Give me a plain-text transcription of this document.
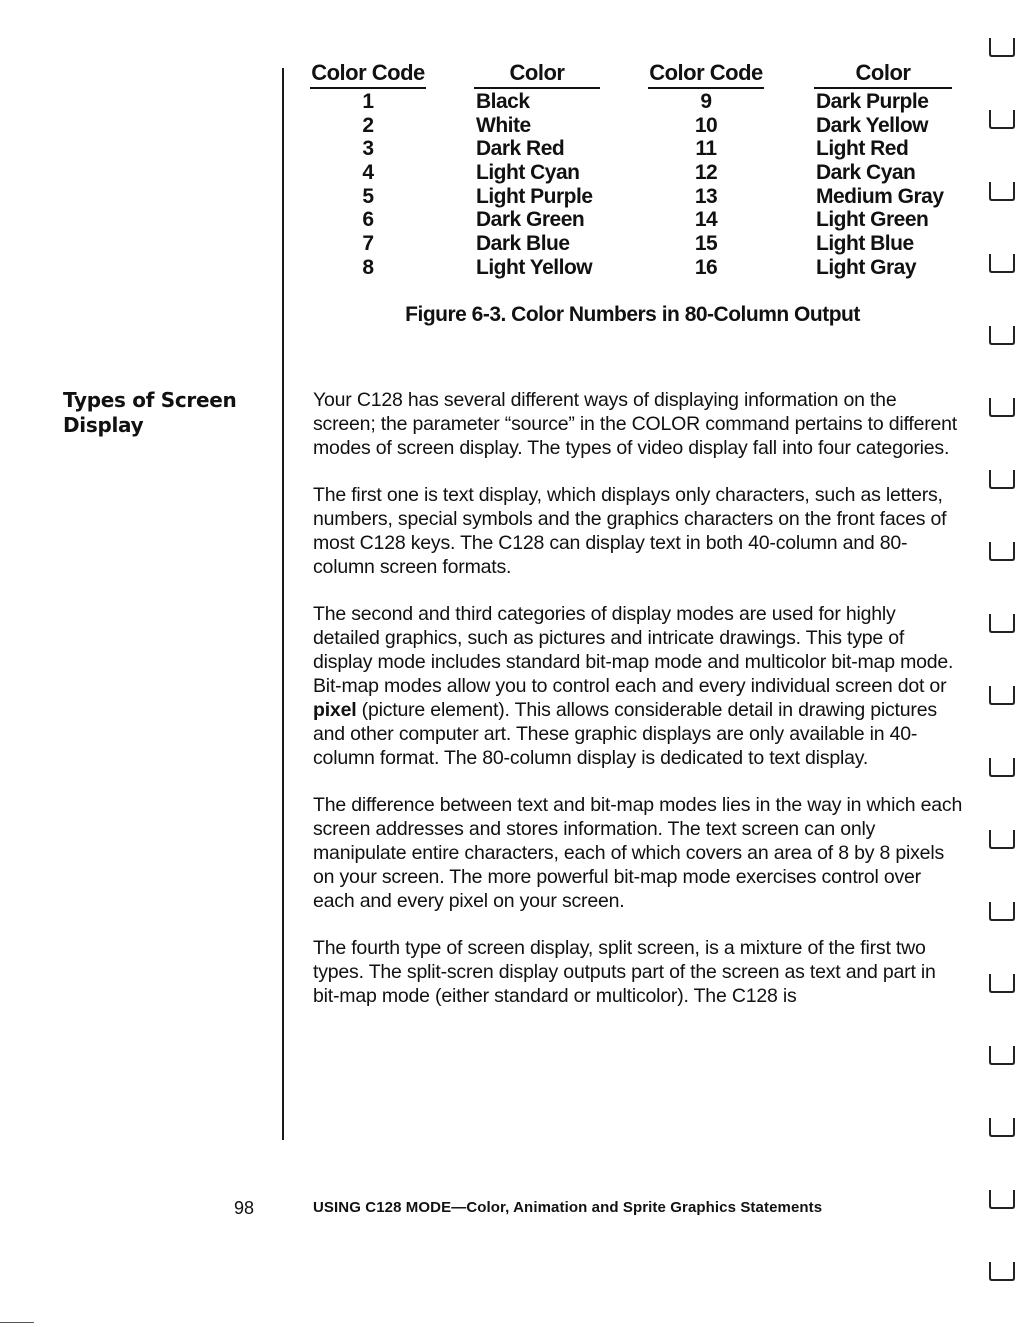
Color Code	Color	Color Code	Color
1	Black	9	Dark Purple
2	White	10	Dark Yellow
3	Dark Red	11	Light Red
4	Light Cyan	12	Dark Cyan
5	Light Purple	13	Medium Gray
6	Dark Green	14	Light Green
7	Dark Blue	15	Light Blue
8	Light Yellow	16	Light Gray
Figure 6-3. Color Numbers in 80-Column Output
Types of Screen Display

Your C128 has several different ways of displaying information on the screen; the parameter “source” in the COLOR command pertains to different modes of screen display. The types of video display fall into four categories.

The first one is text display, which displays only characters, such as letters, numbers, special symbols and the graphics characters on the front faces of most C128 keys. The C128 can display text in both 40-column and 80-column screen formats.

The second and third categories of display modes are used for highly detailed graphics, such as pictures and intricate drawings. This type of display mode includes standard bit-map mode and multicolor bit-map mode. Bit-map modes allow you to control each and every individual screen dot or pixel (picture element). This allows considerable detail in drawing pictures and other computer art. These graphic displays are only available in 40-column format. The 80-column display is dedicated to text display.

The difference between text and bit-map modes lies in the way in which each screen addresses and stores information. The text screen can only manipulate entire characters, each of which covers an area of 8 by 8 pixels on your screen. The more powerful bit-map mode exercises control over each and every pixel on your screen.

The fourth type of screen display, split screen, is a mixture of the first two types. The split-scren display outputs part of the screen as text and part in bit-map mode (either standard or multicolor). The C128 is

98	USING C128 MODE—Color, Animation and Sprite Graphics Statements
